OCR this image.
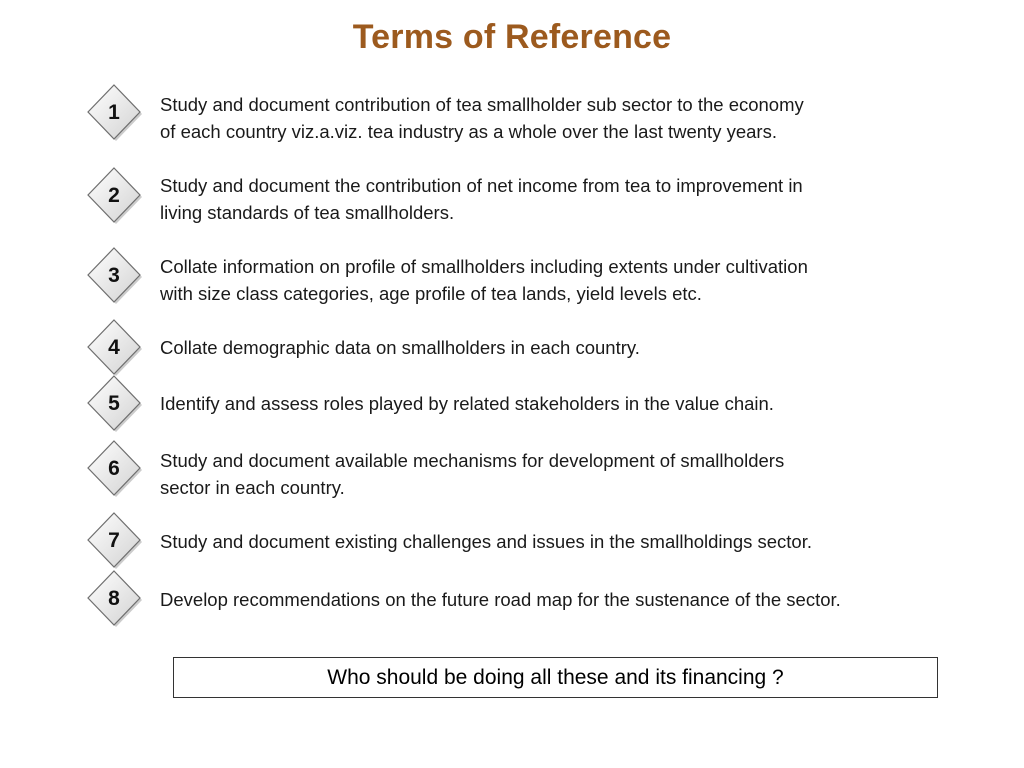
Terms of Reference
1	Study and document contribution of tea smallholder sub sector to the economy
of each country viz.a.viz. tea industry as a whole over the last twenty years.
2	Study and document the contribution of net income from tea to improvement in
living standards of tea smallholders.
3	Collate information on profile of smallholders including extents under cultivation
with size class categories, age profile of tea lands, yield levels etc.
4	Collate demographic data on smallholders in each country.
5	Identify and assess roles played by related stakeholders in the value chain.
6	Study and document available mechanisms for development of smallholders
sector in each country.
7	Study and document existing challenges and issues in the smallholdings sector.
8	Develop recommendations on the future road map for the sustenance of the sector.
Who should be doing all these and its financing ?
